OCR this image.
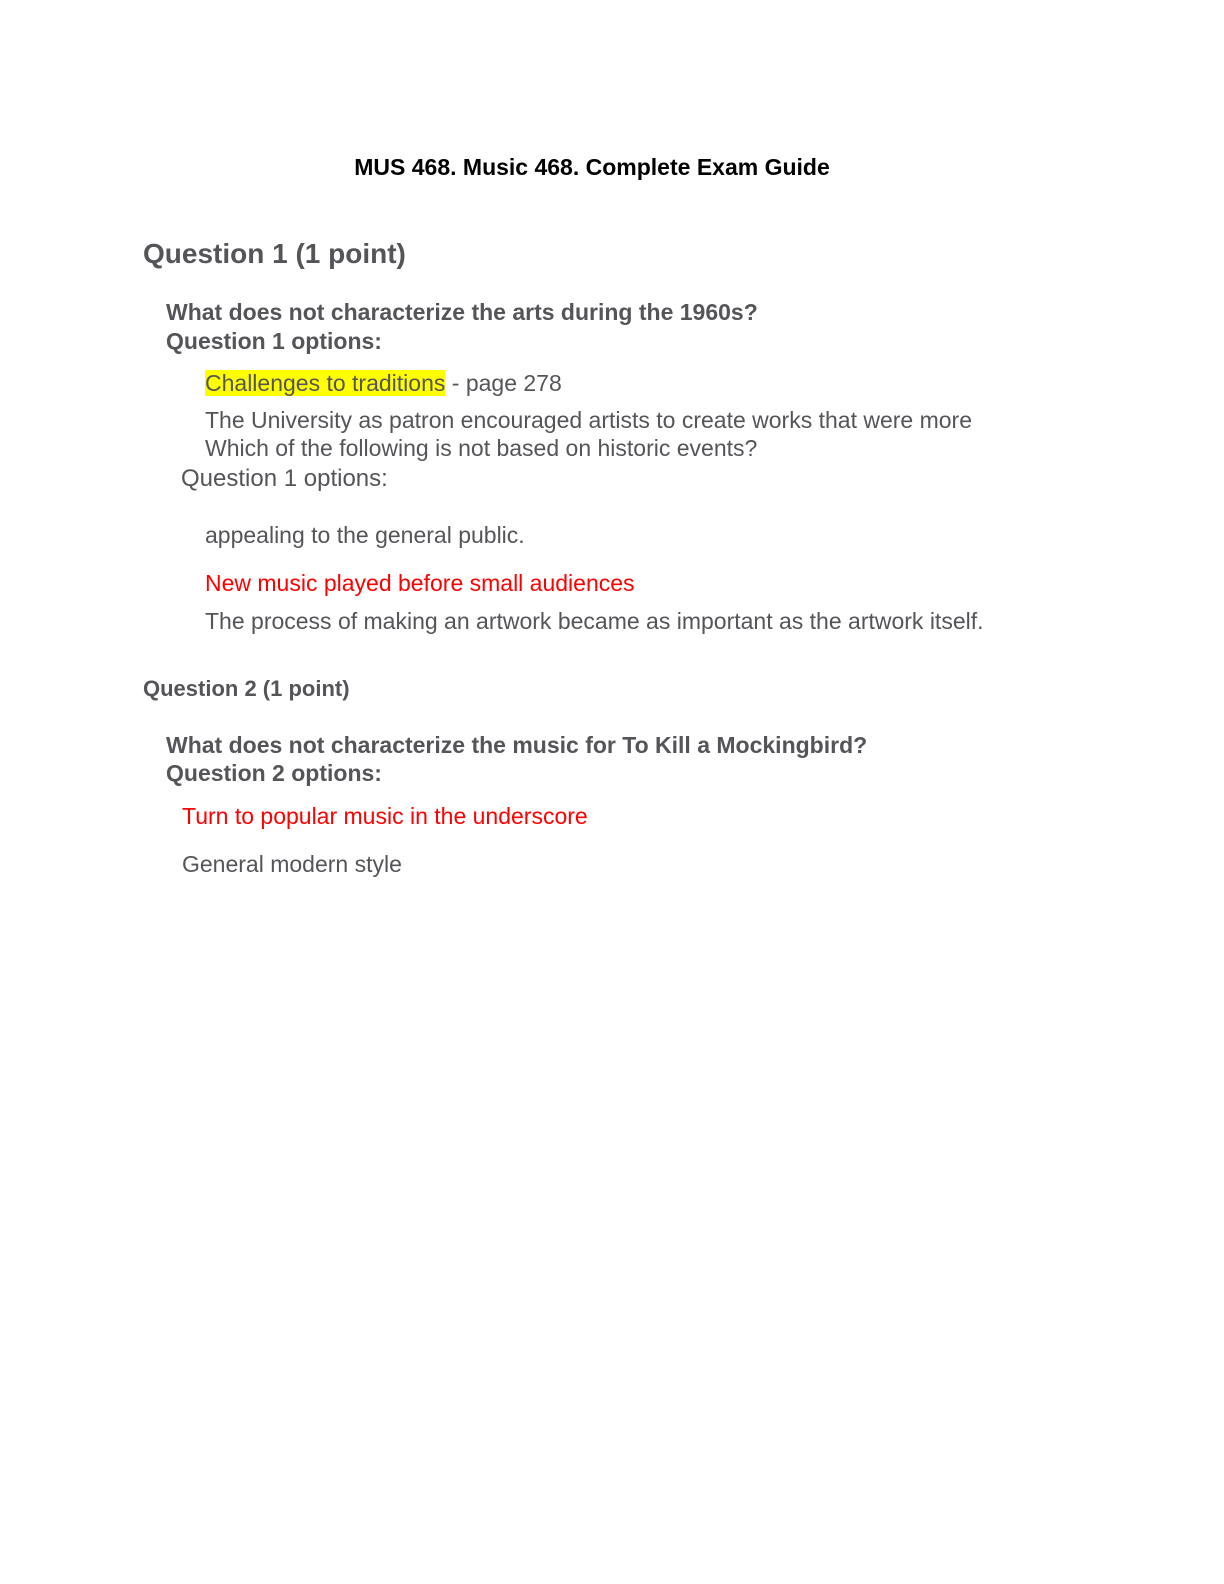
MUS 468. Music 468. Complete Exam Guide
Question 1 (1 point)
What does not characterize the arts during the 1960s?
Question 1 options:
Challenges to traditions - page 278
The University as patron encouraged artists to create works that were more
Which of the following is not based on historic events?
Question 1 options:
appealing to the general public.
New music played before small audiences
The process of making an artwork became as important as the artwork itself.
Question 2 (1 point)
What does not characterize the music for To Kill a Mockingbird?
Question 2 options:
Turn to popular music in the underscore
General modern style
